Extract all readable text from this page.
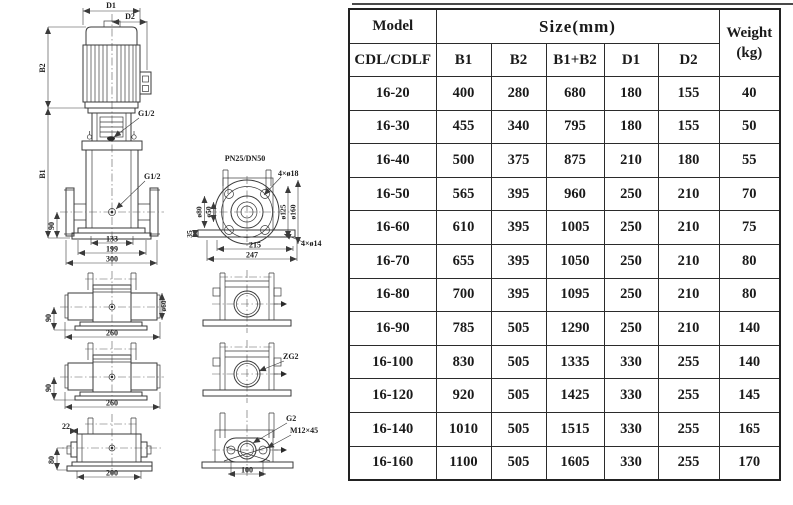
D1
D2
B2
B1
90
133
199
300
G1/2
G1/2
PN25/DN50
ø80 ø50	ø125 ø160
35
215
247
4×ø18
4×ø14
90
260
ø60
90
260
22
80
200
ZG2
G2
M12×45
100
Model	Size(mm)					Weight
(kg)

CDL/CDLF	B1	B2	B1+B2	D1	D2	
16-20	400	280	680	180	155	40
16-30	455	340	795	180	155	50
16-40	500	375	875	210	180	55
16-50	565	395	960	250	210	70
16-60	610	395	1005	250	210	75
16-70	655	395	1050	250	210	80
16-80	700	395	1095	250	210	80
16-90	785	505	1290	250	210	140
16-100	830	505	1335	330	255	140
16-120	920	505	1425	330	255	145
16-140	1010	505	1515	330	255	165
16-160	1100	505	1605	330	255	170
